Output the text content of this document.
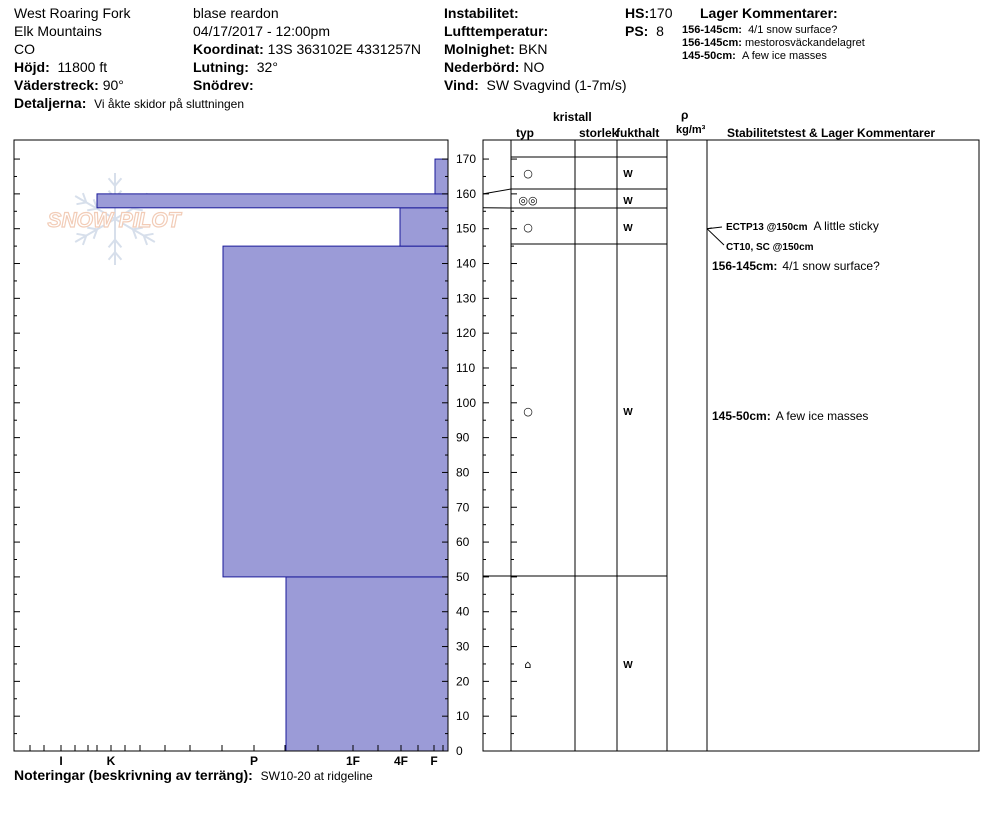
West Roaring Fork
Elk Mountains
CO
Höjd: 11800 ft
Väderstreck: 90°
Detaljerna: Vi åkte skidor på sluttningen
blase reardon
04/17/2017 - 12:00pm
Koordinat: 13S 363102E 4331257N
Lutning: 32°
Snödrev:
Instabilitet:
Lufttemperatur:
Molnighet: BKN
Nederbörd: NO
Vind: SW Svagvind (1-7m/s)
HS:170
PS: 8
Lager Kommentarer:
156-145cm: 4/1 snow surface?
156-145cm: mestorosväckandelagret
145-50cm: A few ice masses
kristall
typ	storlek
fukthalt
ρ
kg/m³ Stabilitetstest & Lager Kommentarer
SNOW PILOT
0
10
20
30
40
50
60
70
80
90
100
110
120
130
140
150
160
170
I	K	P	1F	4F F
○	W
◎◎	W
○	W
○	W
⌂	W
ECTP13 @150cm A little sticky
CT10, SC @150cm
156-145cm: 4/1 snow surface?
145-50cm: A few ice masses
Noteringar (beskrivning av terräng): SW10-20 at ridgeline
